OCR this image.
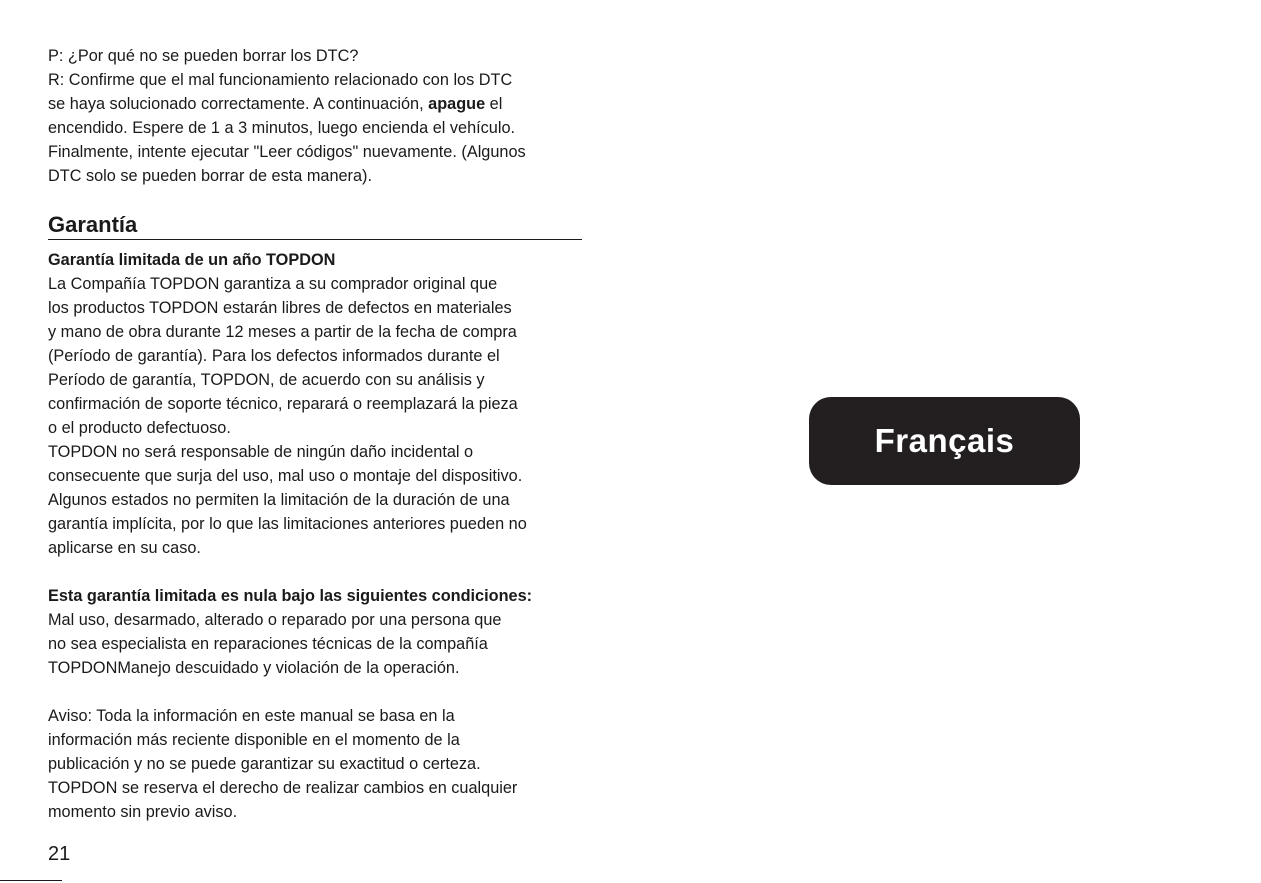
P: ¿Por qué no se pueden borrar los DTC?
R: Confirme que el mal funcionamiento relacionado con los DTC
se haya solucionado correctamente. A continuación, apague el
encendido. Espere de 1 a 3 minutos, luego encienda el vehículo.
Finalmente, intente ejecutar "Leer códigos" nuevamente. (Algunos
DTC solo se pueden borrar de esta manera).
Garantía
Garantía limitada de un año TOPDON
La Compañía TOPDON garantiza a su comprador original que
los productos TOPDON estarán libres de defectos en materiales
y mano de obra durante 12 meses a partir de la fecha de compra
(Período de garantía). Para los defectos informados durante el
Período de garantía, TOPDON, de acuerdo con su análisis y
confirmación de soporte técnico, reparará o reemplazará la pieza
o el producto defectuoso.
TOPDON no será responsable de ningún daño incidental o
consecuente que surja del uso, mal uso o montaje del dispositivo.
Algunos estados no permiten la limitación de la duración de una
garantía implícita, por lo que las limitaciones anteriores pueden no
aplicarse en su caso.
Esta garantía limitada es nula bajo las siguientes condiciones:
Mal uso, desarmado, alterado o reparado por una persona que
no sea especialista en reparaciones técnicas de la compañía
TOPDONManejo descuidado y violación de la operación.
Aviso: Toda la información en este manual se basa en la
información más reciente disponible en el momento de la
publicación y no se puede garantizar su exactitud o certeza.
TOPDON se reserva el derecho de realizar cambios en cualquier
momento sin previo aviso.
21
Français
